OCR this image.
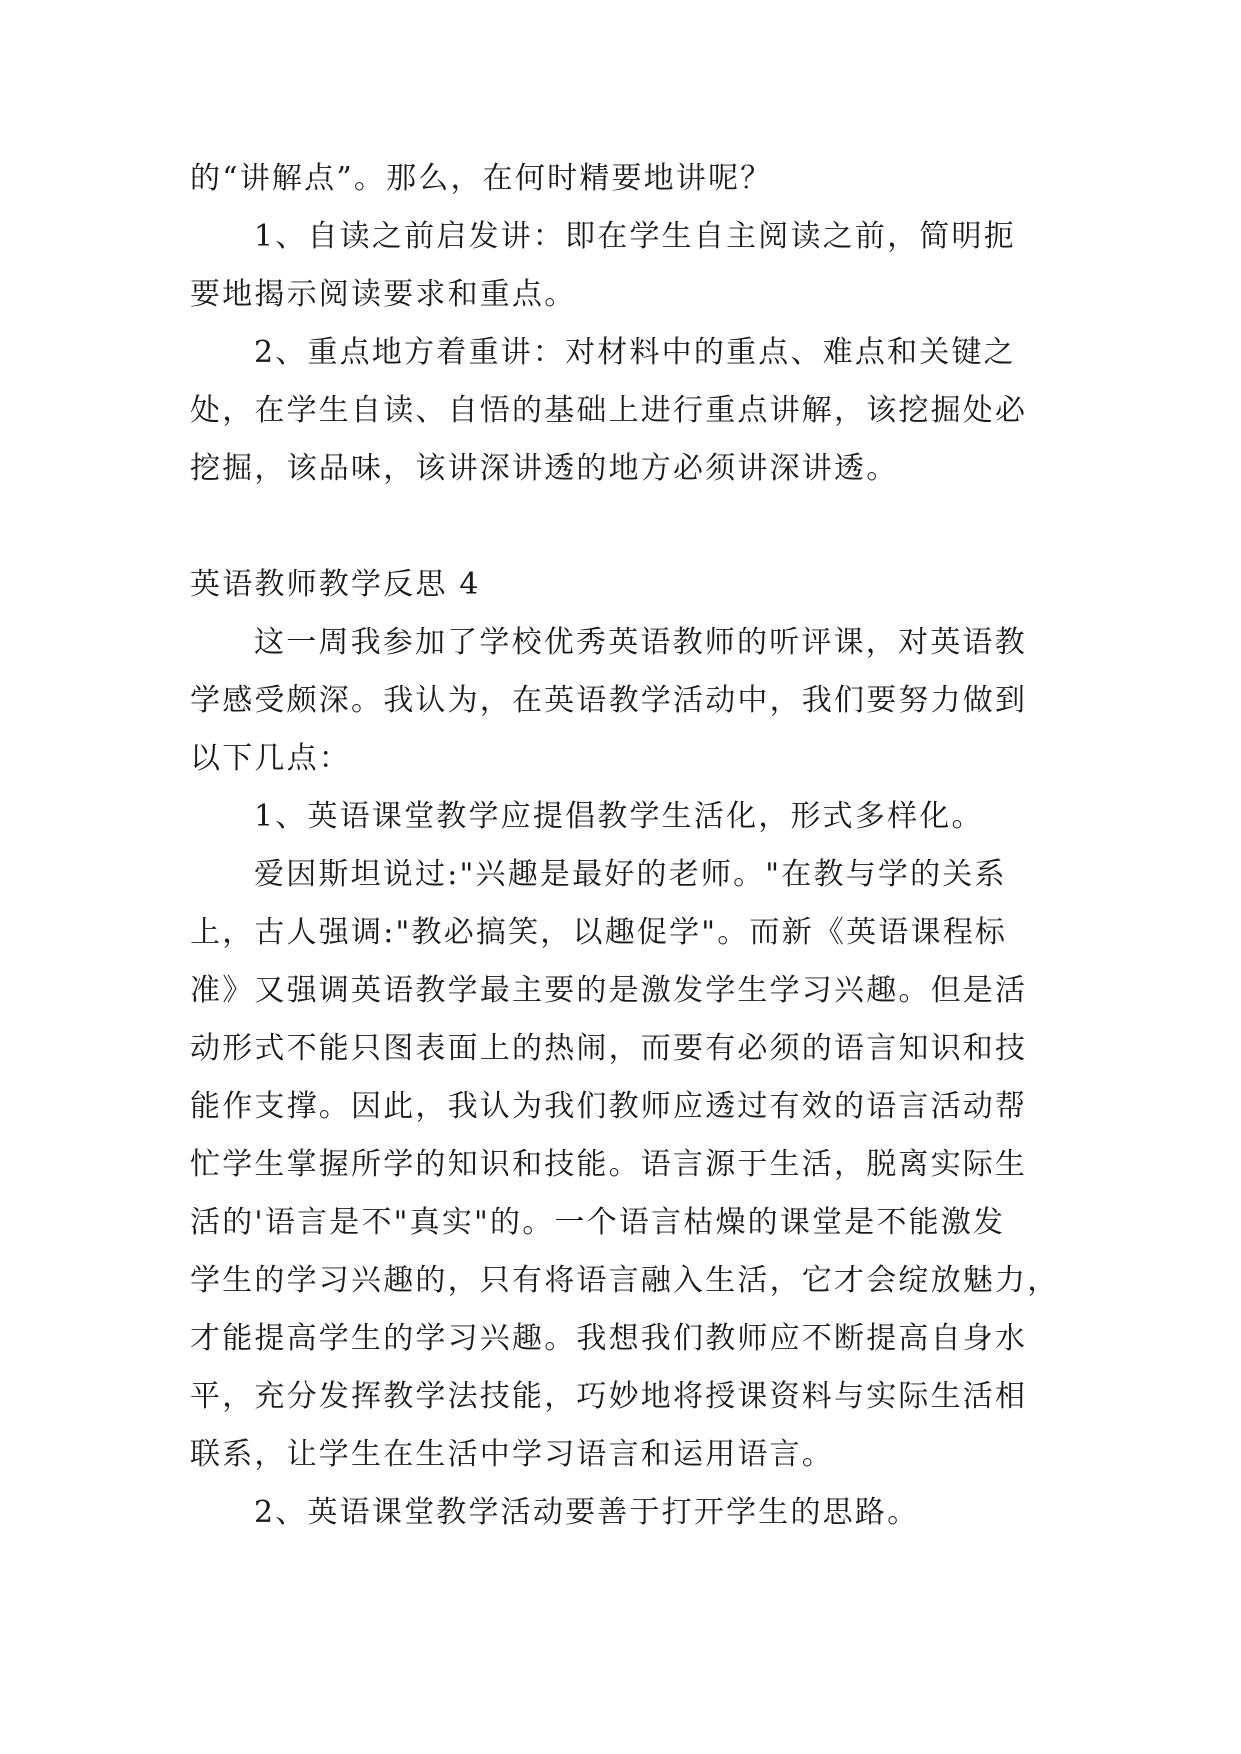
的“讲解点”。那么，在何时精要地讲呢？

1、自读之前启发讲：即在学生自主阅读之前，简明扼
要地揭示阅读要求和重点。

2、重点地方着重讲：对材料中的重点、难点和关键之
处，在学生自读、自悟的基础上进行重点讲解，该挖掘处必
挖掘，该品味，该讲深讲透的地方必须讲深讲透。

英语教师教学反思 4

这一周我参加了学校优秀英语教师的听评课，对英语教
学感受颇深。我认为，在英语教学活动中，我们要努力做到
以下几点：

1、英语课堂教学应提倡教学生活化，形式多样化。

爱因斯坦说过:"兴趣是最好的老师。"在教与学的关系
上，古人强调:"教必搞笑，以趣促学"。而新《英语课程标
准》又强调英语教学最主要的是激发学生学习兴趣。但是活
动形式不能只图表面上的热闹，而要有必须的语言知识和技
能作支撑。因此，我认为我们教师应透过有效的语言活动帮
忙学生掌握所学的知识和技能。语言源于生活，脱离实际生
活的'语言是不"真实"的。一个语言枯燥的课堂是不能激发
学生的学习兴趣的，只有将语言融入生活，它才会绽放魅力，
才能提高学生的学习兴趣。我想我们教师应不断提高自身水
平，充分发挥教学法技能，巧妙地将授课资料与实际生活相
联系，让学生在生活中学习语言和运用语言。

2、英语课堂教学活动要善于打开学生的思路。
